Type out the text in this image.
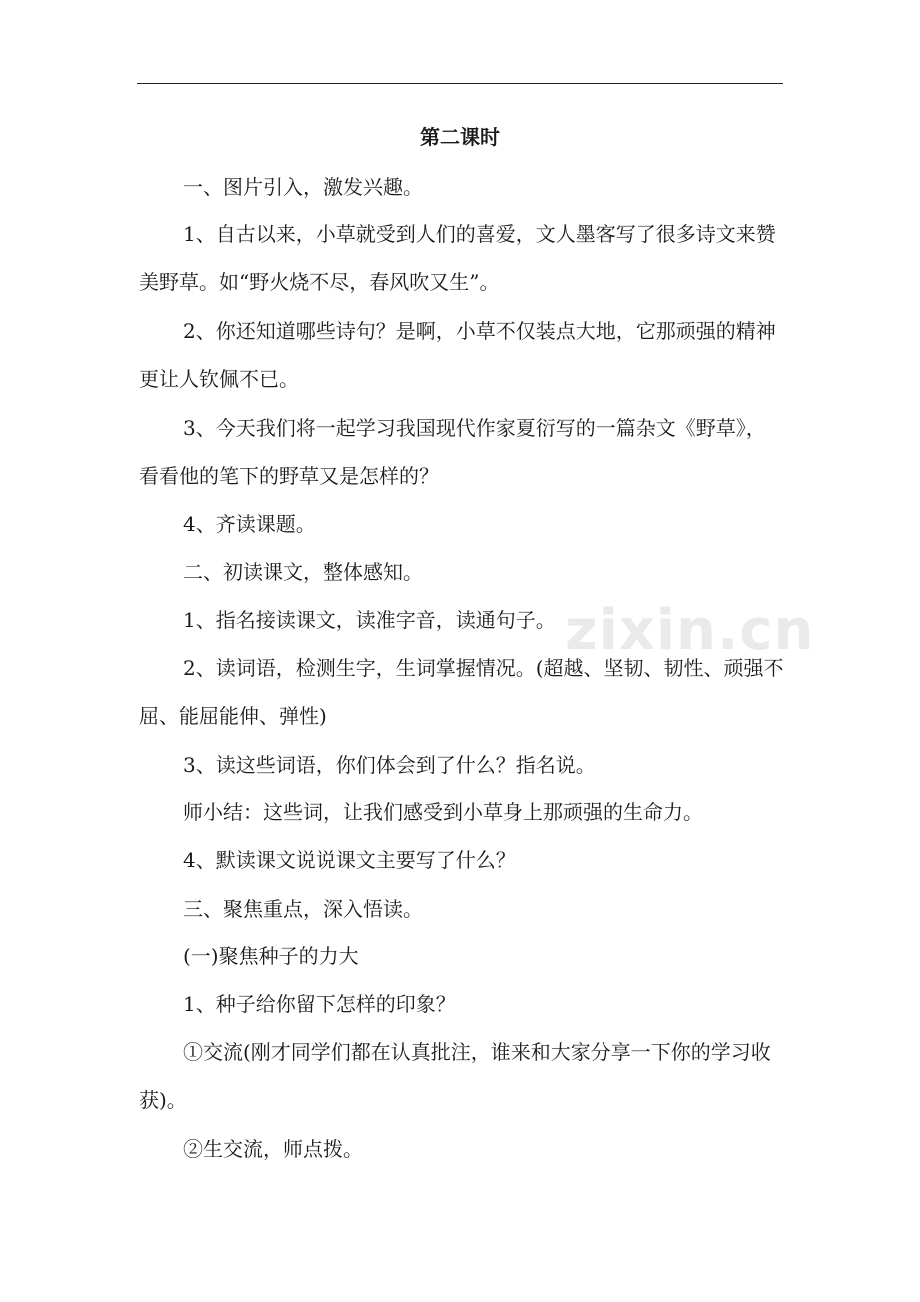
第二课时
zixin.cn

一、图片引入，激发兴趣。

1、自古以来，小草就受到人们的喜爱，文人墨客写了很多诗文来赞美野草。如“野火烧不尽，春风吹又生”。

2、你还知道哪些诗句？是啊，小草不仅装点大地，它那顽强的精神更让人钦佩不已。

3、今天我们将一起学习我国现代作家夏衍写的一篇杂文《野草》，看看他的笔下的野草又是怎样的？

4、齐读课题。

二、初读课文，整体感知。

1、指名接读课文，读准字音，读通句子。

2、读词语，检测生字，生词掌握情况。(超越、坚韧、韧性、顽强不屈、能屈能伸、弹性)

3、读这些词语，你们体会到了什么？指名说。

师小结：这些词，让我们感受到小草身上那顽强的生命力。

4、默读课文说说课文主要写了什么？

三、聚焦重点，深入悟读。

(一)聚焦种子的力大

1、种子给你留下怎样的印象？

①交流(刚才同学们都在认真批注，谁来和大家分享一下你的学习收获)。

②生交流，师点拨。
